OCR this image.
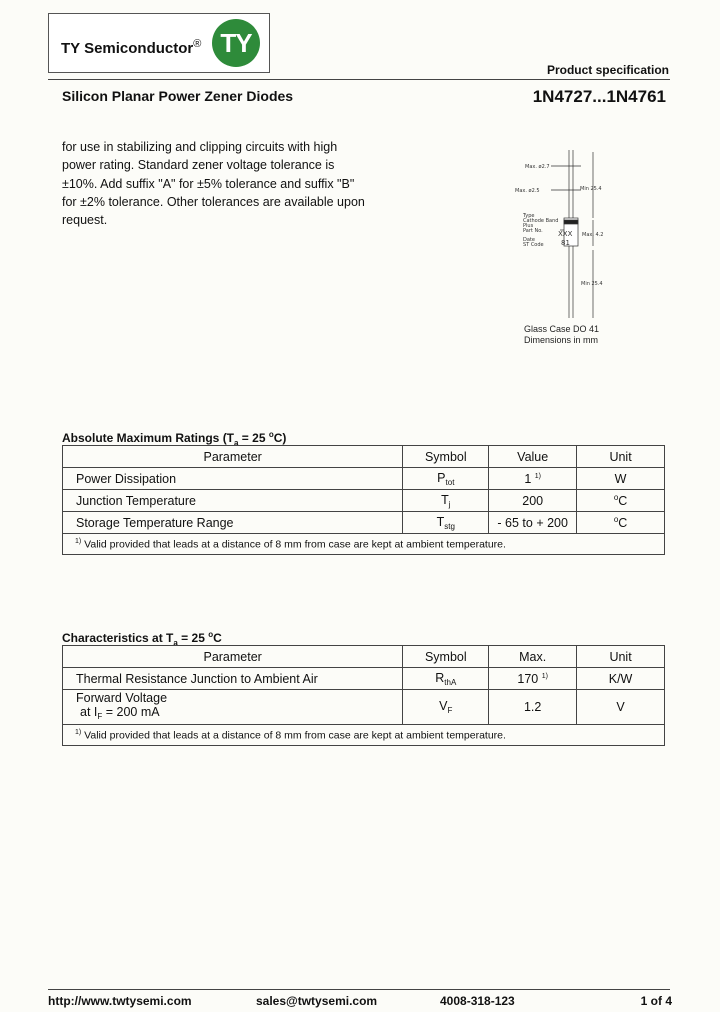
TY Semiconductor® TY
Product specification
Silicon Planar Power Zener Diodes	1N4727...1N4761
for use in stabilizing and clipping circuits with high power rating. Standard zener voltage tolerance is ±10%. Add suffix "A" for ±5% tolerance and suffix "B" for ±2% tolerance. Other tolerances are available upon request.
Max. ø2.7
Max. ø2.5	Min 25.4
Max. 4.2
Min 25.4
Type
Cathode Band
Plus
Part No.
Date
ST Code
XXX
81
Glass Case DO 41
Dimensions in mm
Absolute Maximum Ratings ($T_a = 25$ $^o$C)
Parameter	Symbol	Value	Unit
Power Dissipation	$P_{tot}$	1 $^{1)}$	W
Junction Temperature	$T_j$	200	$^o$C
Storage Temperature Range	$T_{stg}$	- 65 to + 200	$^o$C
$^{1)}$ Valid provided that leads at a distance of 8 mm from case are kept at ambient temperature.			
Characteristics at $T_a = 25$ $^o$C
Parameter	Symbol	Max.	Unit
Thermal Resistance Junction to Ambient Air	$R_{thA}$	170 $^{1)}$	K/W

Forward Voltage
at $I_F = 200$ mA	$V_F$	1.2	V
$^{1)}$ Valid provided that leads at a distance of 8 mm from case are kept at ambient temperature.			
http://www.twtysemi.com	sales@twtysemi.com	4008-318-123	1 of 4
